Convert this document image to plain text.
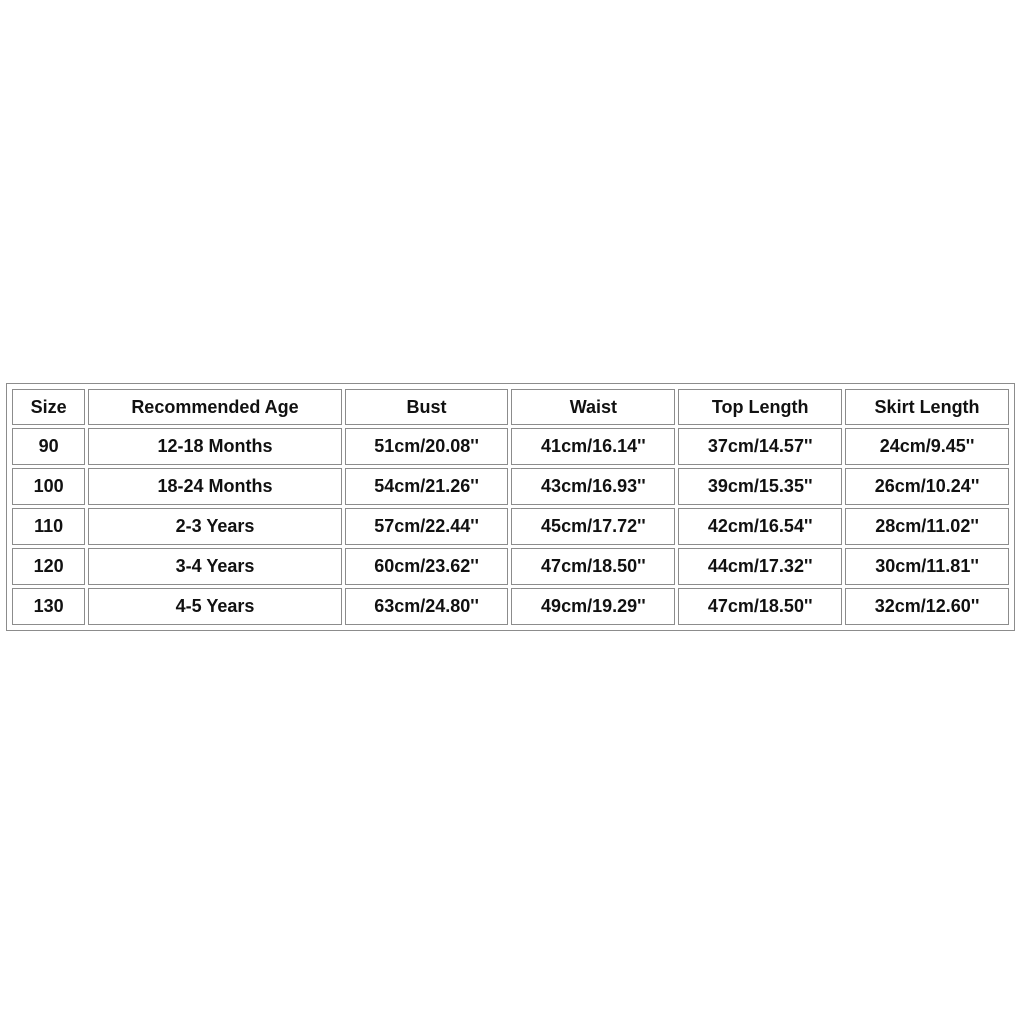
Size	Recommended Age	Bust	Waist	Top Length	Skirt Length
90	12-18 Months	51cm/20.08''	41cm/16.14''	37cm/14.57''	24cm/9.45''
100	18-24 Months	54cm/21.26''	43cm/16.93''	39cm/15.35''	26cm/10.24''
110	2-3 Years	57cm/22.44''	45cm/17.72''	42cm/16.54''	28cm/11.02''
120	3-4 Years	60cm/23.62''	47cm/18.50''	44cm/17.32''	30cm/11.81''
130	4-5 Years	63cm/24.80''	49cm/19.29''	47cm/18.50''	32cm/12.60''
